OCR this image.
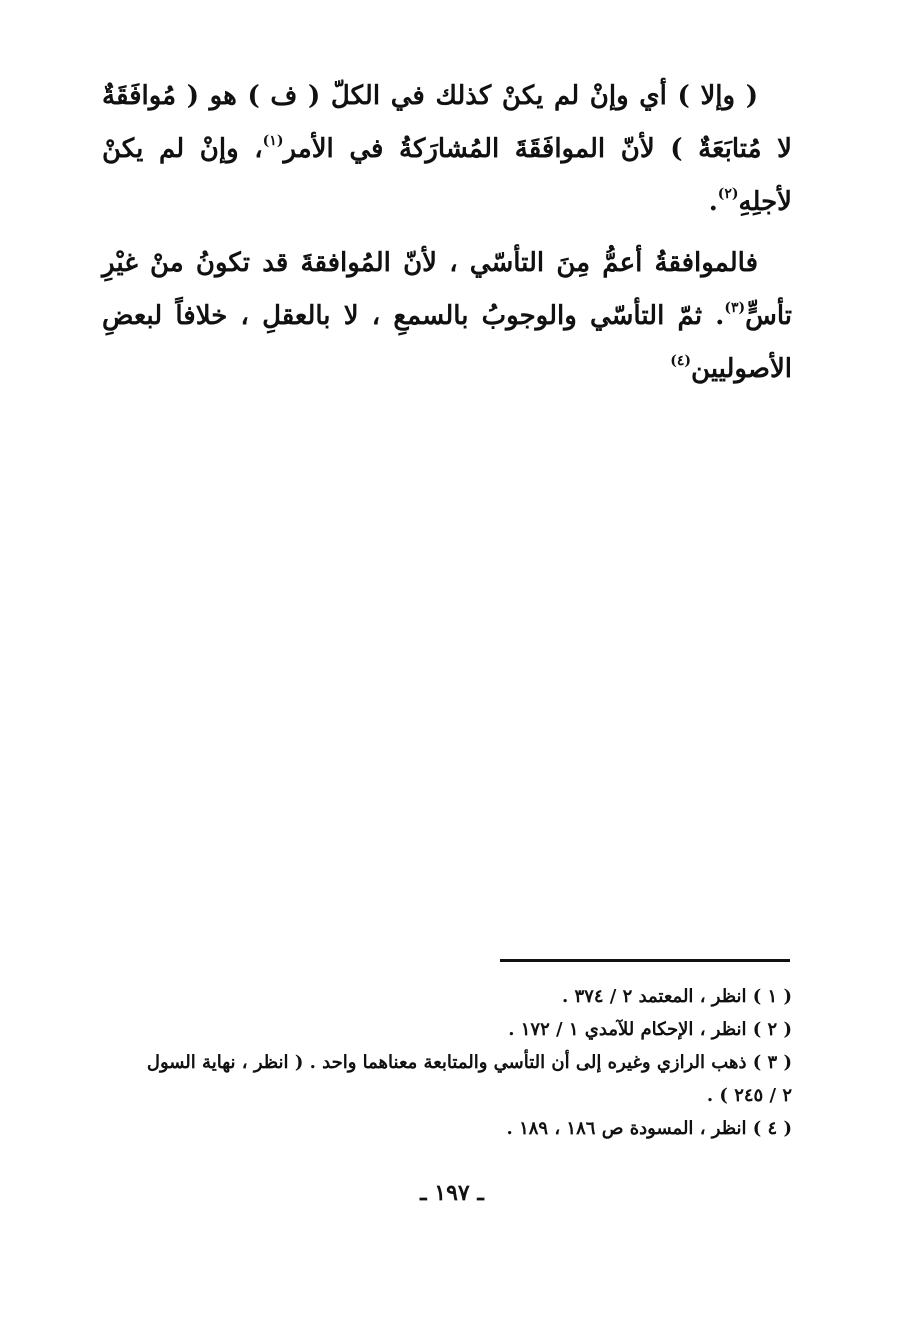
( وإلا ) أي وإنْ لم يكنْ كذلك في الكلّ ( ف ) هو ( مُوافَقَةٌ لا مُتابَعَةٌ ) لأنّ الموافَقَةَ المُشارَكةُ في الأمر$^{(١)}$، وإنْ لم يكنْ لأجلِهِ$^{(٢)}$.

فالموافقةُ أعمُّ مِنَ التأسّي ، لأنّ المُوافقةَ قد تكونُ منْ غيْرِ تأسٍّ$^{(٣)}$. ثمّ التأسّي والوجوبُ بالسمعِ ، لا بالعقلِ ، خلافاً لبعضِ الأصوليين$^{(٤)}$

( ١ ) انظر ، المعتمد ٢ / ٣٧٤ .

( ٢ ) انظر ، الإحكام للآمدي ١ / ١٧٢ .

( ٣ ) ذهب الرازي وغيره إلى أن التأسي والمتابعة معناهما واحد . ( انظر ، نهاية السول

٢ / ٢٤٥ ) .

( ٤ ) انظر ، المسودة ص ١٨٦ ، ١٨٩ .

ـ ١٩٧ ـ
